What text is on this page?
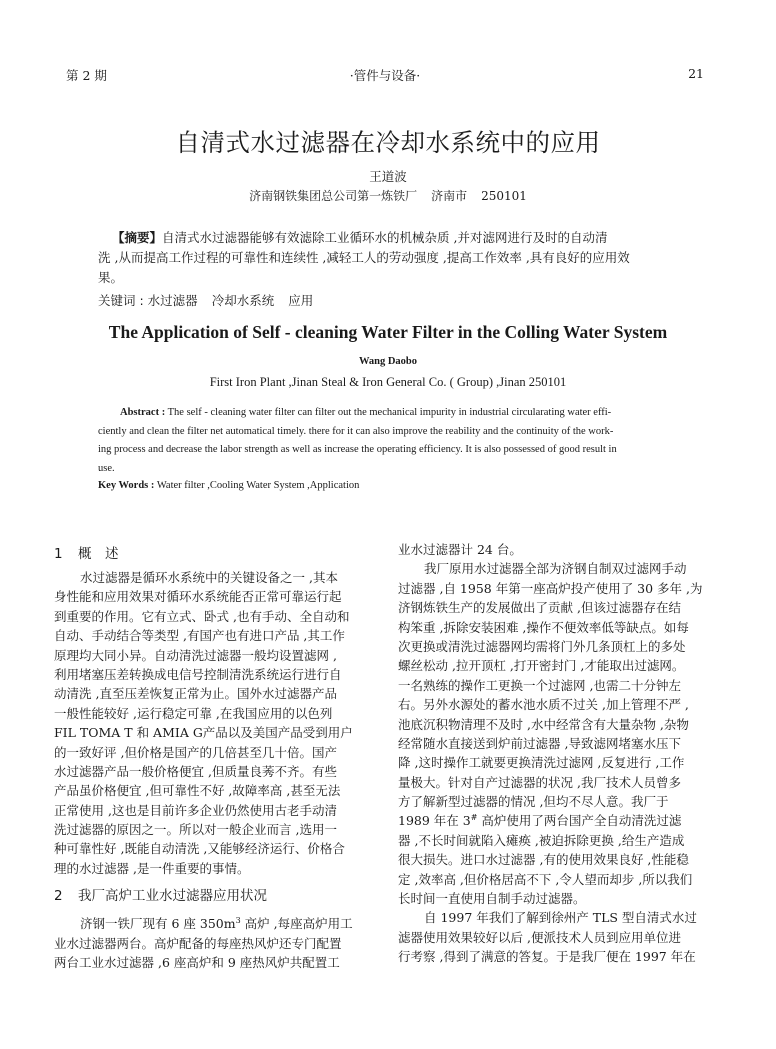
第 2 期	·管件与设备·	21
自清式水过滤器在冷却水系统中的应用
王道波
济南钢铁集团总公司第一炼铁厂 济南市 250101
【摘要】自清式水过滤器能够有效滤除工业循环水的机械杂质 ,并对滤网进行及时的自动清
洗 ,从而提高工作过程的可靠性和连续性 ,减轻工人的劳动强度 ,提高工作效率 ,具有良好的应用效
果。
关键词 : 水过滤器 冷却水系统 应用
The Application of Self - cleaning Water Filter in the Colling Water System
Wang Daobo
First Iron Plant ,Jinan Steal & Iron General Co. ( Group) ,Jinan 250101
Abstract : The self - cleaning water filter can filter out the mechanical impurity in industrial circularating water effi-
ciently and clean the filter net automatical timely. there for it can also improve the reability and the continuity of the work-
ing process and decrease the labor strength as well as increase the operating efficiency. It is also possessed of good result in
use.
Key Words : Water filter ,Cooling Water System ,Application
1 概　述
水过滤器是循环水系统中的关键设备之一 ,其本
身性能和应用效果对循环水系统能否正常可靠运行起
到重要的作用。它有立式、卧式 ,也有手动、全自动和
自动、手动结合等类型 ,有国产也有进口产品 ,其工作
原理均大同小异。自动清洗过滤器一般均设置滤网 ,
利用堵塞压差转换成电信号控制清洗系统运行进行自
动清洗 ,直至压差恢复正常为止。国外水过滤器产品
一般性能较好 ,运行稳定可靠 ,在我国应用的以色列
FIL TOMA T 和 AMIA G产品以及美国产品受到用户
的一致好评 ,但价格是国产的几倍甚至几十倍。国产
水过滤器产品一般价格便宜 ,但质量良莠不齐。有些
产品虽价格便宜 ,但可靠性不好 ,故障率高 ,甚至无法
正常使用 ,这也是目前许多企业仍然使用古老手动清
洗过滤器的原因之一。所以对一般企业而言 ,选用一
种可靠性好 ,既能自动清洗 ,又能够经济运行、价格合
理的水过滤器 ,是一件重要的事情。
2 我厂高炉工业水过滤器应用状况
济钢一铁厂现有 6 座 $350m^3$ 高炉 ,每座高炉用工
业水过滤器两台。高炉配备的每座热风炉还专门配置
两台工业水过滤器 ,6 座高炉和 9 座热风炉共配置工
业水过滤器计 24 台。
我厂原用水过滤器全部为济钢自制双过滤网手动
过滤器 ,自 1958 年第一座高炉投产使用了 30 多年 ,为
济钢炼铁生产的发展做出了贡献 ,但该过滤器存在结
构笨重 ,拆除安装困难 ,操作不便效率低等缺点。如每
次更换或清洗过滤器网均需将门外几条顶杠上的多处
螺丝松动 ,拉开顶杠 ,打开密封门 ,才能取出过滤网。
一名熟练的操作工更换一个过滤网 ,也需二十分钟左
右。另外水源处的蓄水池水质不过关 ,加上管理不严 ,
池底沉积物清理不及时 ,水中经常含有大量杂物 ,杂物
经常随水直接送到炉前过滤器 ,导致滤网堵塞水压下
降 ,这时操作工就要更换清洗过滤网 ,反复进行 ,工作
量极大。针对自产过滤器的状况 ,我厂技术人员曾多
方了解新型过滤器的情况 ,但均不尽人意。我厂于
1989 年在 3# 高炉使用了两台国产全自动清洗过滤
器 ,不长时间就陷入瘫痪 ,被迫拆除更换 ,给生产造成
很大损失。进口水过滤器 ,有的使用效果良好 ,性能稳
定 ,效率高 ,但价格居高不下 ,令人望而却步 ,所以我们
长时间一直使用自制手动过滤器。
自 1997 年我们了解到徐州产 TLS 型自清式水过
滤器使用效果较好以后 ,便派技术人员到应用单位进
行考察 ,得到了满意的答复。于是我厂便在 1997 年在
